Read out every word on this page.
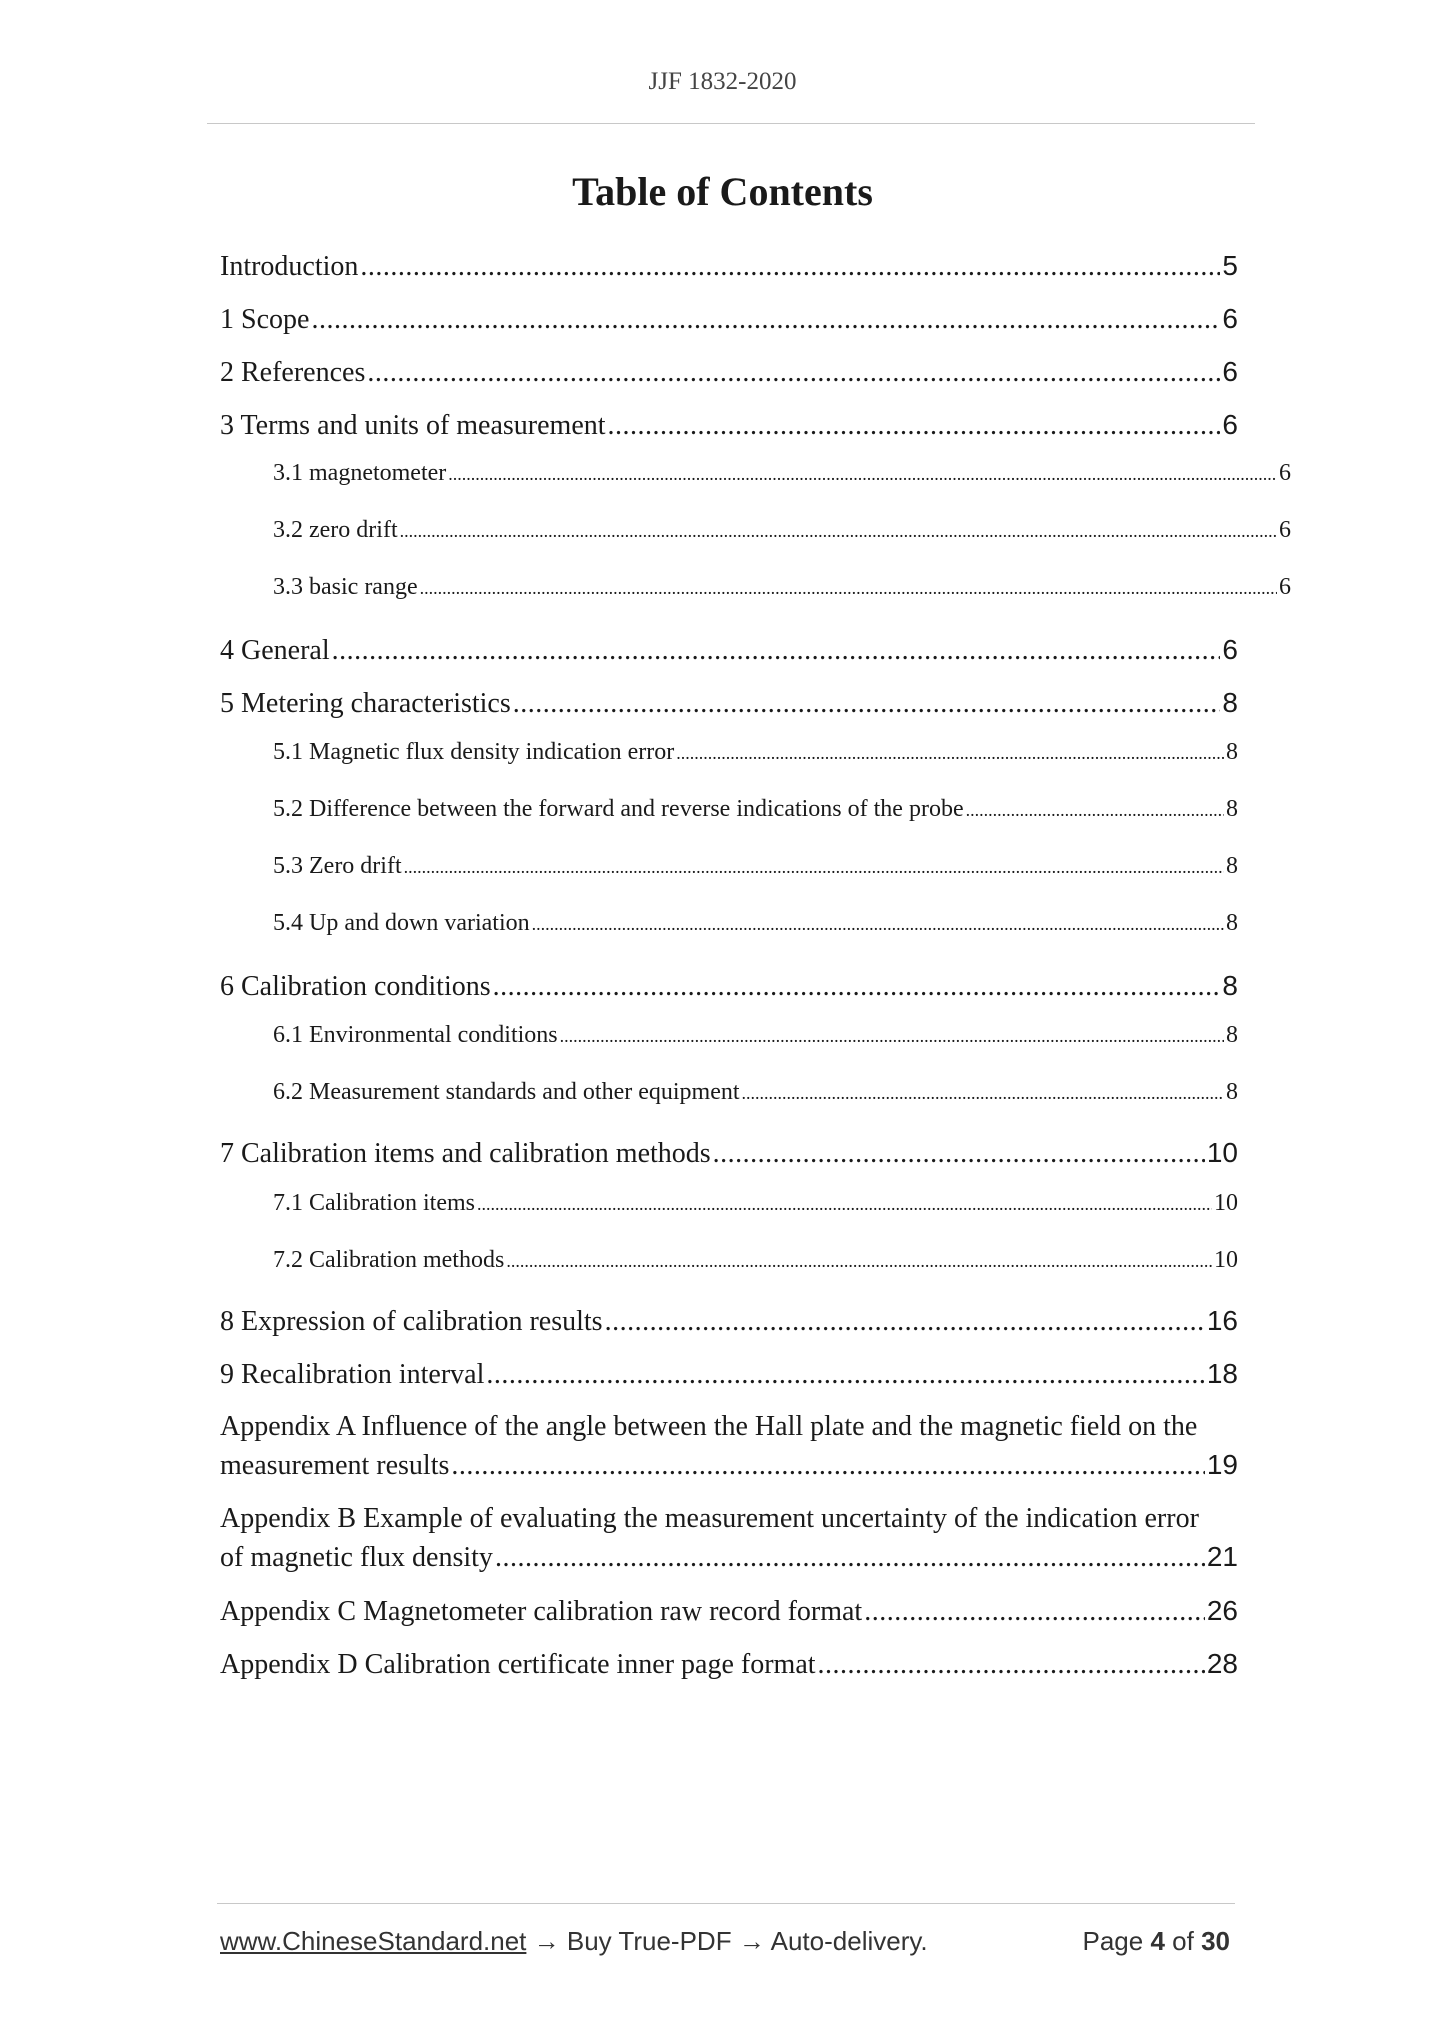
JJF 1832-2020
Table of Contents
Introduction .....	5
1 Scope .....	6
2 References .....	6
3 Terms and units of measurement .....	6
3.1 magnetometer .....	6
3.2 zero drift .....	6
3.3 basic range .....	6
4 General .....	6
5 Metering characteristics .....	8
5.1 Magnetic flux density indication error .....	8
5.2 Difference between the forward and reverse indications of the probe .....	8
5.3 Zero drift .....	8
5.4 Up and down variation .....	8
6 Calibration conditions .....	8
6.1 Environmental conditions .....	8
6.2 Measurement standards and other equipment .....	8
7 Calibration items and calibration methods .....	10
7.1 Calibration items .....	10
7.2 Calibration methods .....	10
8 Expression of calibration results .....	16
9 Recalibration interval .....	18
Appendix A Influence of the angle between the Hall plate and the magnetic field on the
measurement results .....	19
Appendix B Example of evaluating the measurement uncertainty of the indication error
of magnetic flux density .....	21
Appendix C Magnetometer calibration raw record format .....	26
Appendix D Calibration certificate inner page format .....	28
www.ChineseStandard.net → Buy True-PDF → Auto-delivery.	Page 4 of 30
